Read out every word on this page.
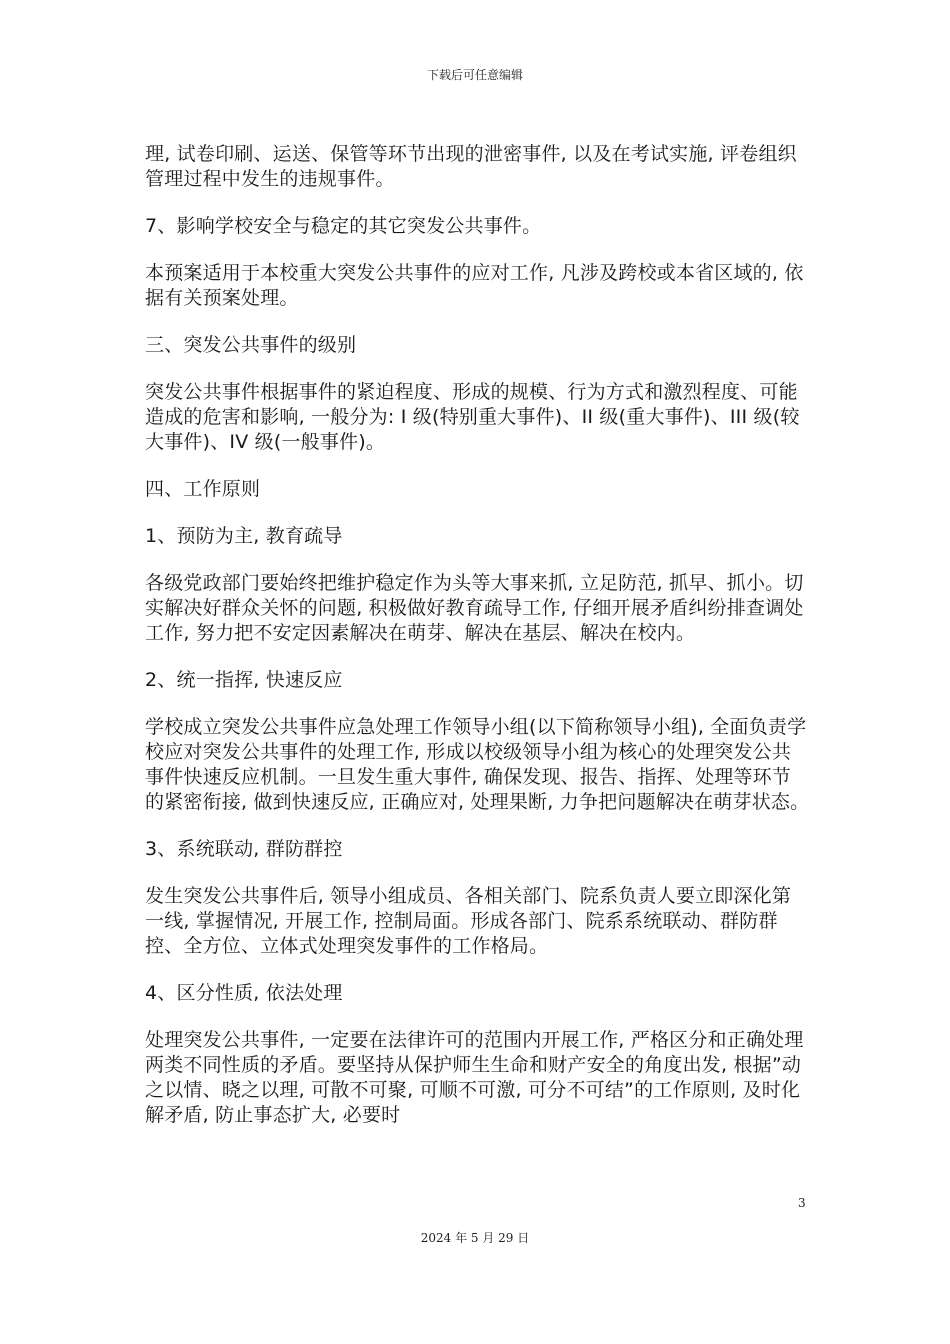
下载后可任意编辑

理, 试卷印刷、运送、保管等环节出现的泄密事件, 以及在考试实施, 评卷组织管理过程中发生的违规事件。

7、影响学校安全与稳定的其它突发公共事件。

本预案适用于本校重大突发公共事件的应对工作, 凡涉及跨校或本省区域的, 依据有关预案处理。

三、突发公共事件的级别

突发公共事件根据事件的紧迫程度、形成的规模、行为方式和激烈程度、可能造成的危害和影响, 一般分为: I 级(特别重大事件)、II 级(重大事件)、III 级(较大事件)、IV 级(一般事件)。

四、工作原则

1、预防为主, 教育疏导

各级党政部门要始终把维护稳定作为头等大事来抓, 立足防范, 抓早、抓小。切实解决好群众关怀的问题, 积极做好教育疏导工作, 仔细开展矛盾纠纷排查调处工作, 努力把不安定因素解决在萌芽、解决在基层、解决在校内。

2、统一指挥, 快速反应

学校成立突发公共事件应急处理工作领导小组(以下简称领导小组), 全面负责学校应对突发公共事件的处理工作, 形成以校级领导小组为核心的处理突发公共事件快速反应机制。一旦发生重大事件, 确保发现、报告、指挥、处理等环节的紧密衔接, 做到快速反应, 正确应对, 处理果断, 力争把问题解决在萌芽状态。

3、系统联动, 群防群控

发生突发公共事件后, 领导小组成员、各相关部门、院系负责人要立即深化第一线, 掌握情况, 开展工作, 控制局面。形成各部门、院系系统联动、群防群控、全方位、立体式处理突发事件的工作格局。

4、区分性质, 依法处理

处理突发公共事件, 一定要在法律许可的范围内开展工作, 严格区分和正确处理两类不同性质的矛盾。要坚持从保护师生生命和财产安全的角度出发, 根据”动之以情、晓之以理, 可散不可聚, 可顺不可激, 可分不可结”的工作原则, 及时化解矛盾, 防止事态扩大, 必要时

3
2024 年 5 月 29 日
